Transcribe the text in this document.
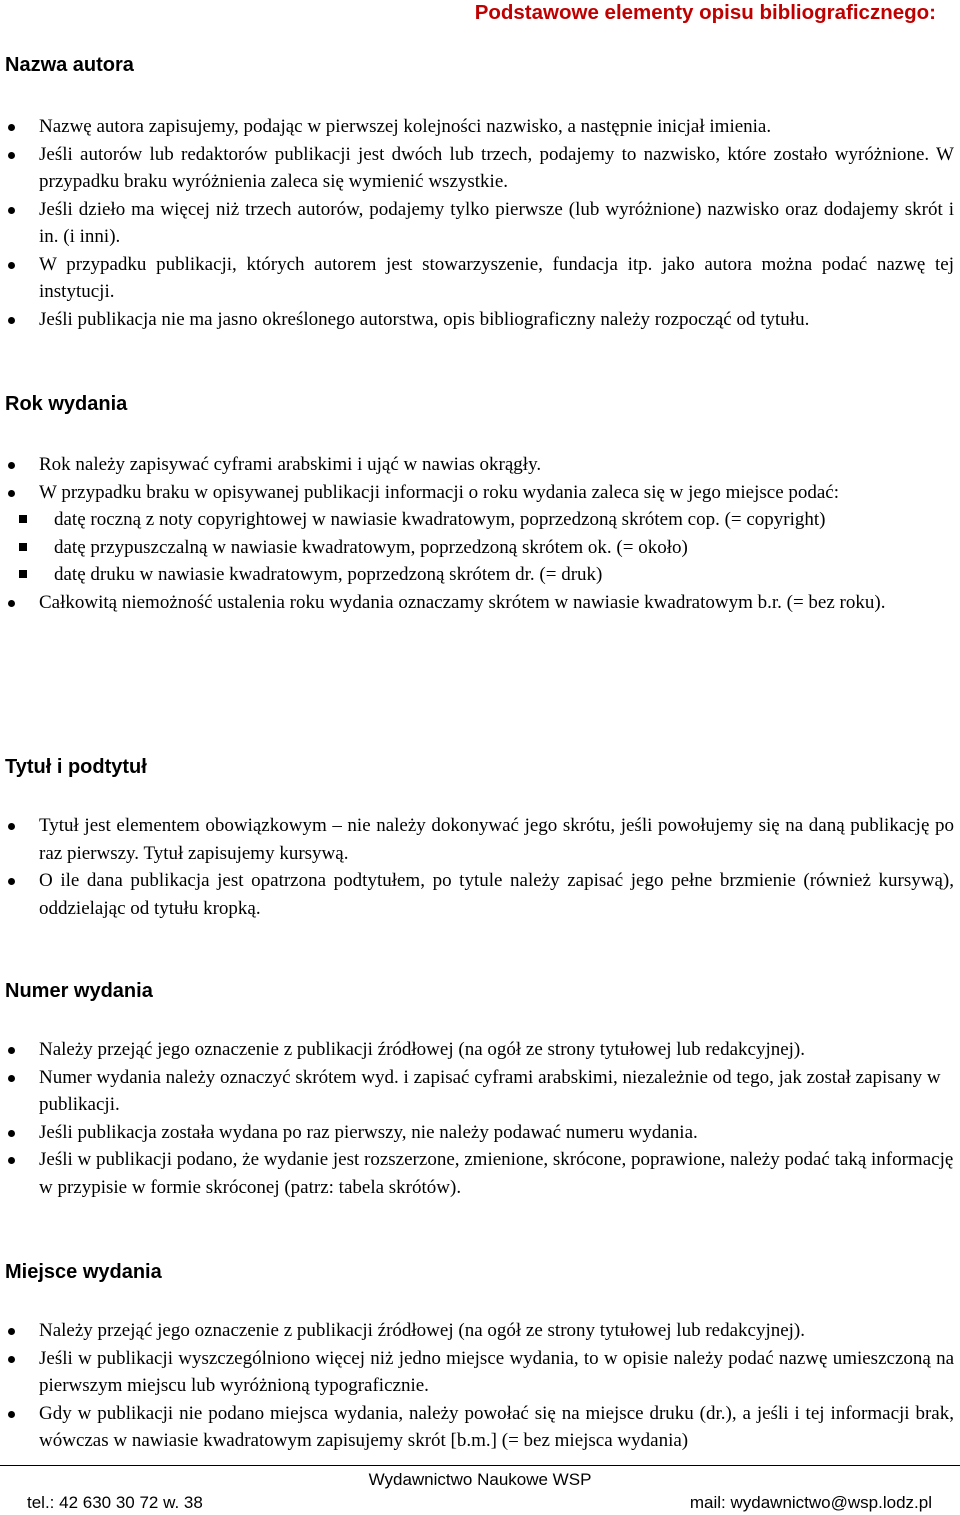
Podstawowe elementy opisu bibliograficznego:
Nazwa autora
Nazwę autora zapisujemy, podając w pierwszej kolejności nazwisko, a następnie inicjał imienia.
Jeśli autorów lub redaktorów publikacji jest dwóch lub trzech, podajemy to nazwisko, które zostało wyróżnione. W przypadku braku wyróżnienia zaleca się wymienić wszystkie.
Jeśli dzieło ma więcej niż trzech autorów, podajemy tylko pierwsze (lub wyróżnione) nazwisko oraz dodajemy skrót i in. (i inni).
W przypadku publikacji, których autorem jest stowarzyszenie, fundacja itp. jako autora można podać nazwę tej instytucji.
Jeśli publikacja nie ma jasno określonego autorstwa, opis bibliograficzny należy rozpocząć od tytułu.
Rok wydania
Rok należy zapisywać cyframi arabskimi i ująć w nawias okrągły.
W przypadku braku w opisywanej publikacji informacji o roku wydania zaleca się w jego miejsce podać:
datę roczną z noty copyrightowej w nawiasie kwadratowym, poprzedzoną skrótem cop. (= copyright)
datę przypuszczalną w nawiasie kwadratowym, poprzedzoną skrótem ok. (= około)
datę druku w nawiasie kwadratowym, poprzedzoną skrótem dr. (= druk)
Całkowitą niemożność ustalenia roku wydania oznaczamy skrótem w nawiasie kwadratowym b.r. (= bez roku).
Tytuł i podtytuł
Tytuł jest elementem obowiązkowym – nie należy dokonywać jego skrótu, jeśli powołujemy się na daną publikację po raz pierwszy. Tytuł zapisujemy kursywą.
O ile dana publikacja jest opatrzona podtytułem, po tytule należy zapisać jego pełne brzmienie (również kursywą), oddzielając od tytułu kropką.
Numer wydania
Należy przejąć jego oznaczenie z publikacji źródłowej (na ogół ze strony tytułowej lub redakcyjnej).
Numer wydania należy oznaczyć skrótem wyd. i zapisać cyframi arabskimi, niezależnie od tego, jak został zapisany w publikacji.
Jeśli publikacja została wydana po raz pierwszy, nie należy podawać numeru wydania.
Jeśli w publikacji podano, że wydanie jest rozszerzone, zmienione, skrócone, poprawione, należy podać taką informację w przypisie w formie skróconej (patrz: tabela skrótów).
Miejsce wydania
Należy przejąć jego oznaczenie z publikacji źródłowej (na ogół ze strony tytułowej lub redakcyjnej).
Jeśli w publikacji wyszczególniono więcej niż jedno miejsce wydania, to w opisie należy podać nazwę umieszczoną na pierwszym miejscu lub wyróżnioną typograficznie.
Gdy w publikacji nie podano miejsca wydania, należy powołać się na miejsce druku (dr.), a jeśli i tej informacji brak, wówczas w nawiasie kwadratowym zapisujemy skrót [b.m.] (= bez miejsca wydania)
Wydawnictwo Naukowe WSP
tel.: 42 630 30 72 w. 38	mail: wydawnictwo@wsp.lodz.pl
